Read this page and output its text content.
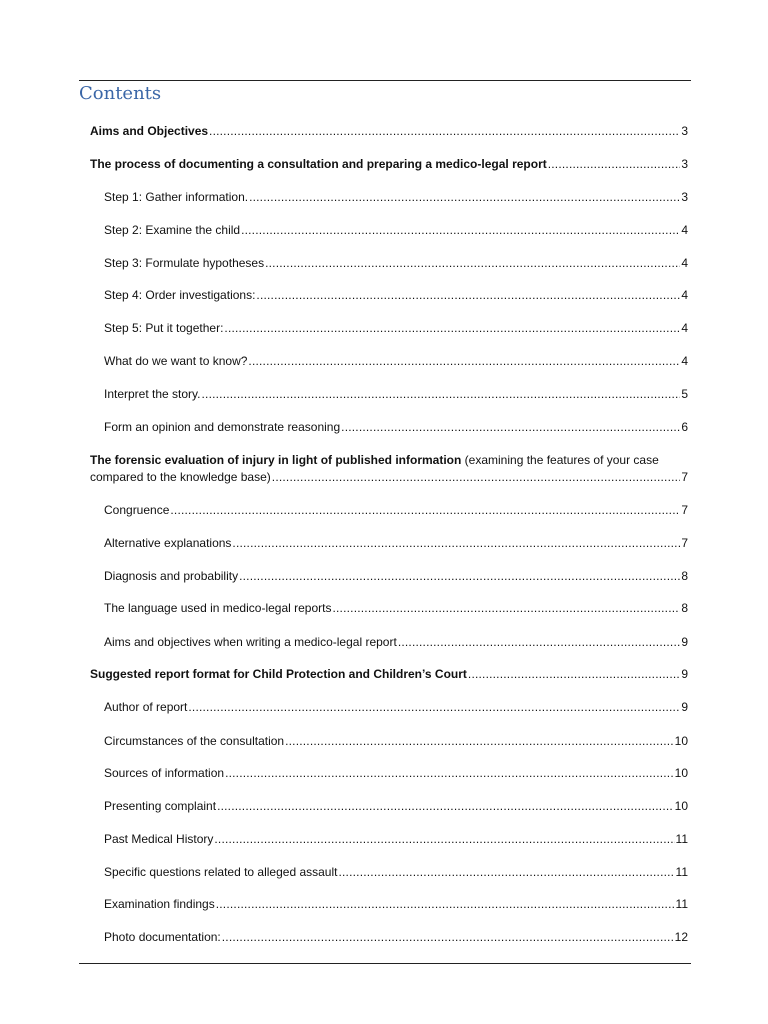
Contents
Aims and Objectives .....	3
The process of documenting a consultation and preparing a medico-legal report .....	3
Step 1: Gather information. .....	3
Step 2: Examine the child .....	4
Step 3: Formulate hypotheses .....	4
Step 4: Order investigations: .....	4
Step 5: Put it together: .....	4
What do we want to know? .....	4
Interpret the story. .....	5
Form an opinion and demonstrate reasoning .....	6
The forensic evaluation of injury in light of published information (examining the features of your case
compared to the knowledge base) .....	7
Congruence .....	7
Alternative explanations .....	7
Diagnosis and probability .....	8
The language used in medico-legal reports .....	8
Aims and objectives when writing a medico-legal report .....	9
Suggested report format for Child Protection and Children’s Court .....	9
Author of report .....	9
Circumstances of the consultation .....	10
Sources of information .....	10
Presenting complaint .....	10
Past Medical History .....	11
Specific questions related to alleged assault .....	11
Examination findings .....	11
Photo documentation: .....	12
